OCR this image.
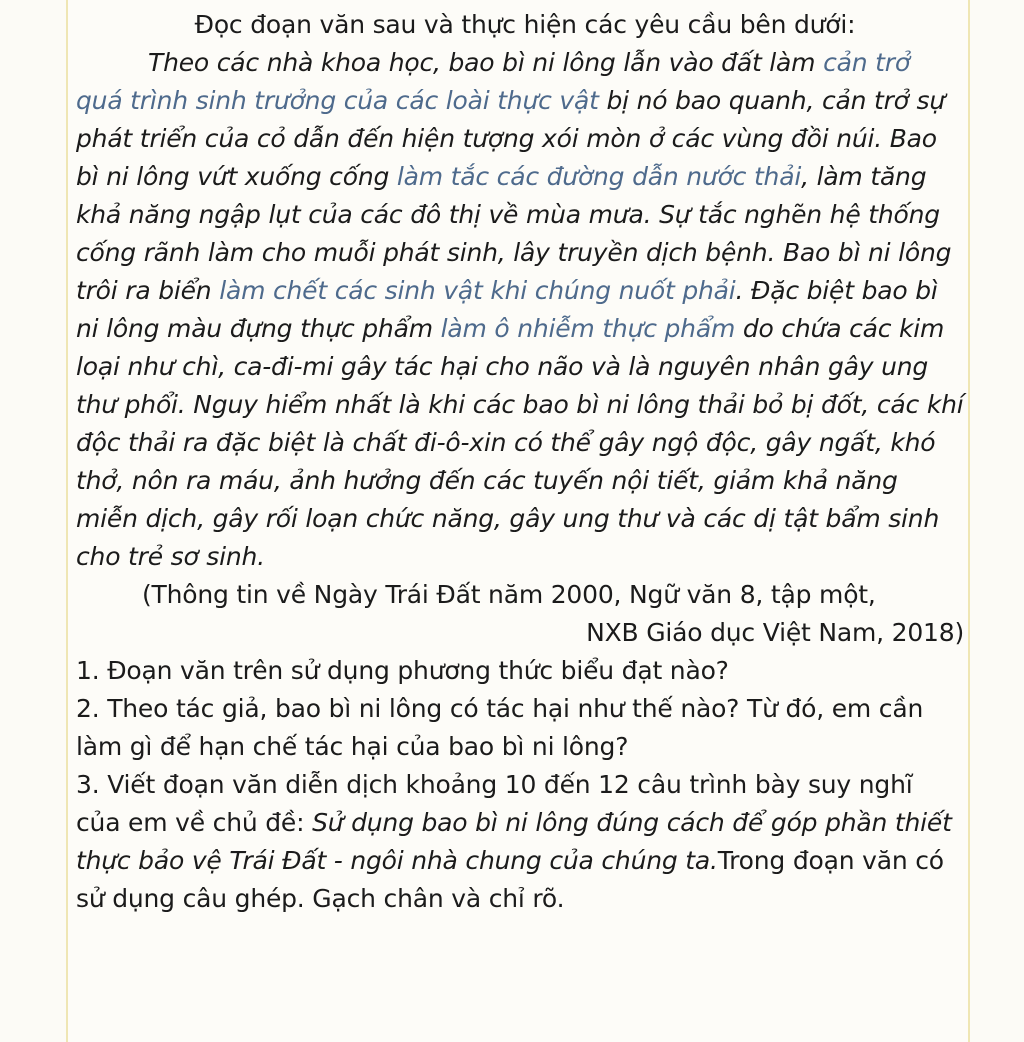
Đọc đoạn văn sau và thực hiện các yêu cầu bên dưới:

Theo các nhà khoa học, bao bì ni lông lẫn vào đất làm cản trở quá trình sinh trưởng của các loài thực vật bị nó bao quanh, cản trở sự phát triển của cỏ dẫn đến hiện tượng xói mòn ở các vùng đồi núi. Bao bì ni lông vứt xuống cống làm tắc các đường dẫn nước thải, làm tăng khả năng ngập lụt của các đô thị về mùa mưa. Sự tắc nghẽn hệ thống cống rãnh làm cho muỗi phát sinh, lây truyền dịch bệnh. Bao bì ni lông trôi ra biển làm chết các sinh vật khi chúng nuốt phải. Đặc biệt bao bì ni lông màu đựng thực phẩm làm ô nhiễm thực phẩm do chứa các kim loại như chì, ca-đi-mi gây tác hại cho não và là nguyên nhân gây ung thư phổi. Nguy hiểm nhất là khi các bao bì ni lông thải bỏ bị đốt, các khí độc thải ra đặc biệt là chất đi-ô-xin có thể gây ngộ độc, gây ngất, khó thở, nôn ra máu, ảnh hưởng đến các tuyến nội tiết, giảm khả năng miễn dịch, gây rối loạn chức năng, gây ung thư và các dị tật bẩm sinh cho trẻ sơ sinh.

(Thông tin về Ngày Trái Đất năm 2000, Ngữ văn 8, tập một,
NXB Giáo dục Việt Nam, 2018)

1. Đoạn văn trên sử dụng phương thức biểu đạt nào?

2. Theo tác giả, bao bì ni lông có tác hại như thế nào? Từ đó, em cần làm gì để hạn chế tác hại của bao bì ni lông?

3. Viết đoạn văn diễn dịch khoảng 10 đến 12 câu trình bày suy nghĩ của em về chủ đề: Sử dụng bao bì ni lông đúng cách để góp phần thiết thực bảo vệ Trái Đất - ngôi nhà chung của chúng ta.Trong đoạn văn có sử dụng câu ghép. Gạch chân và chỉ rõ.
